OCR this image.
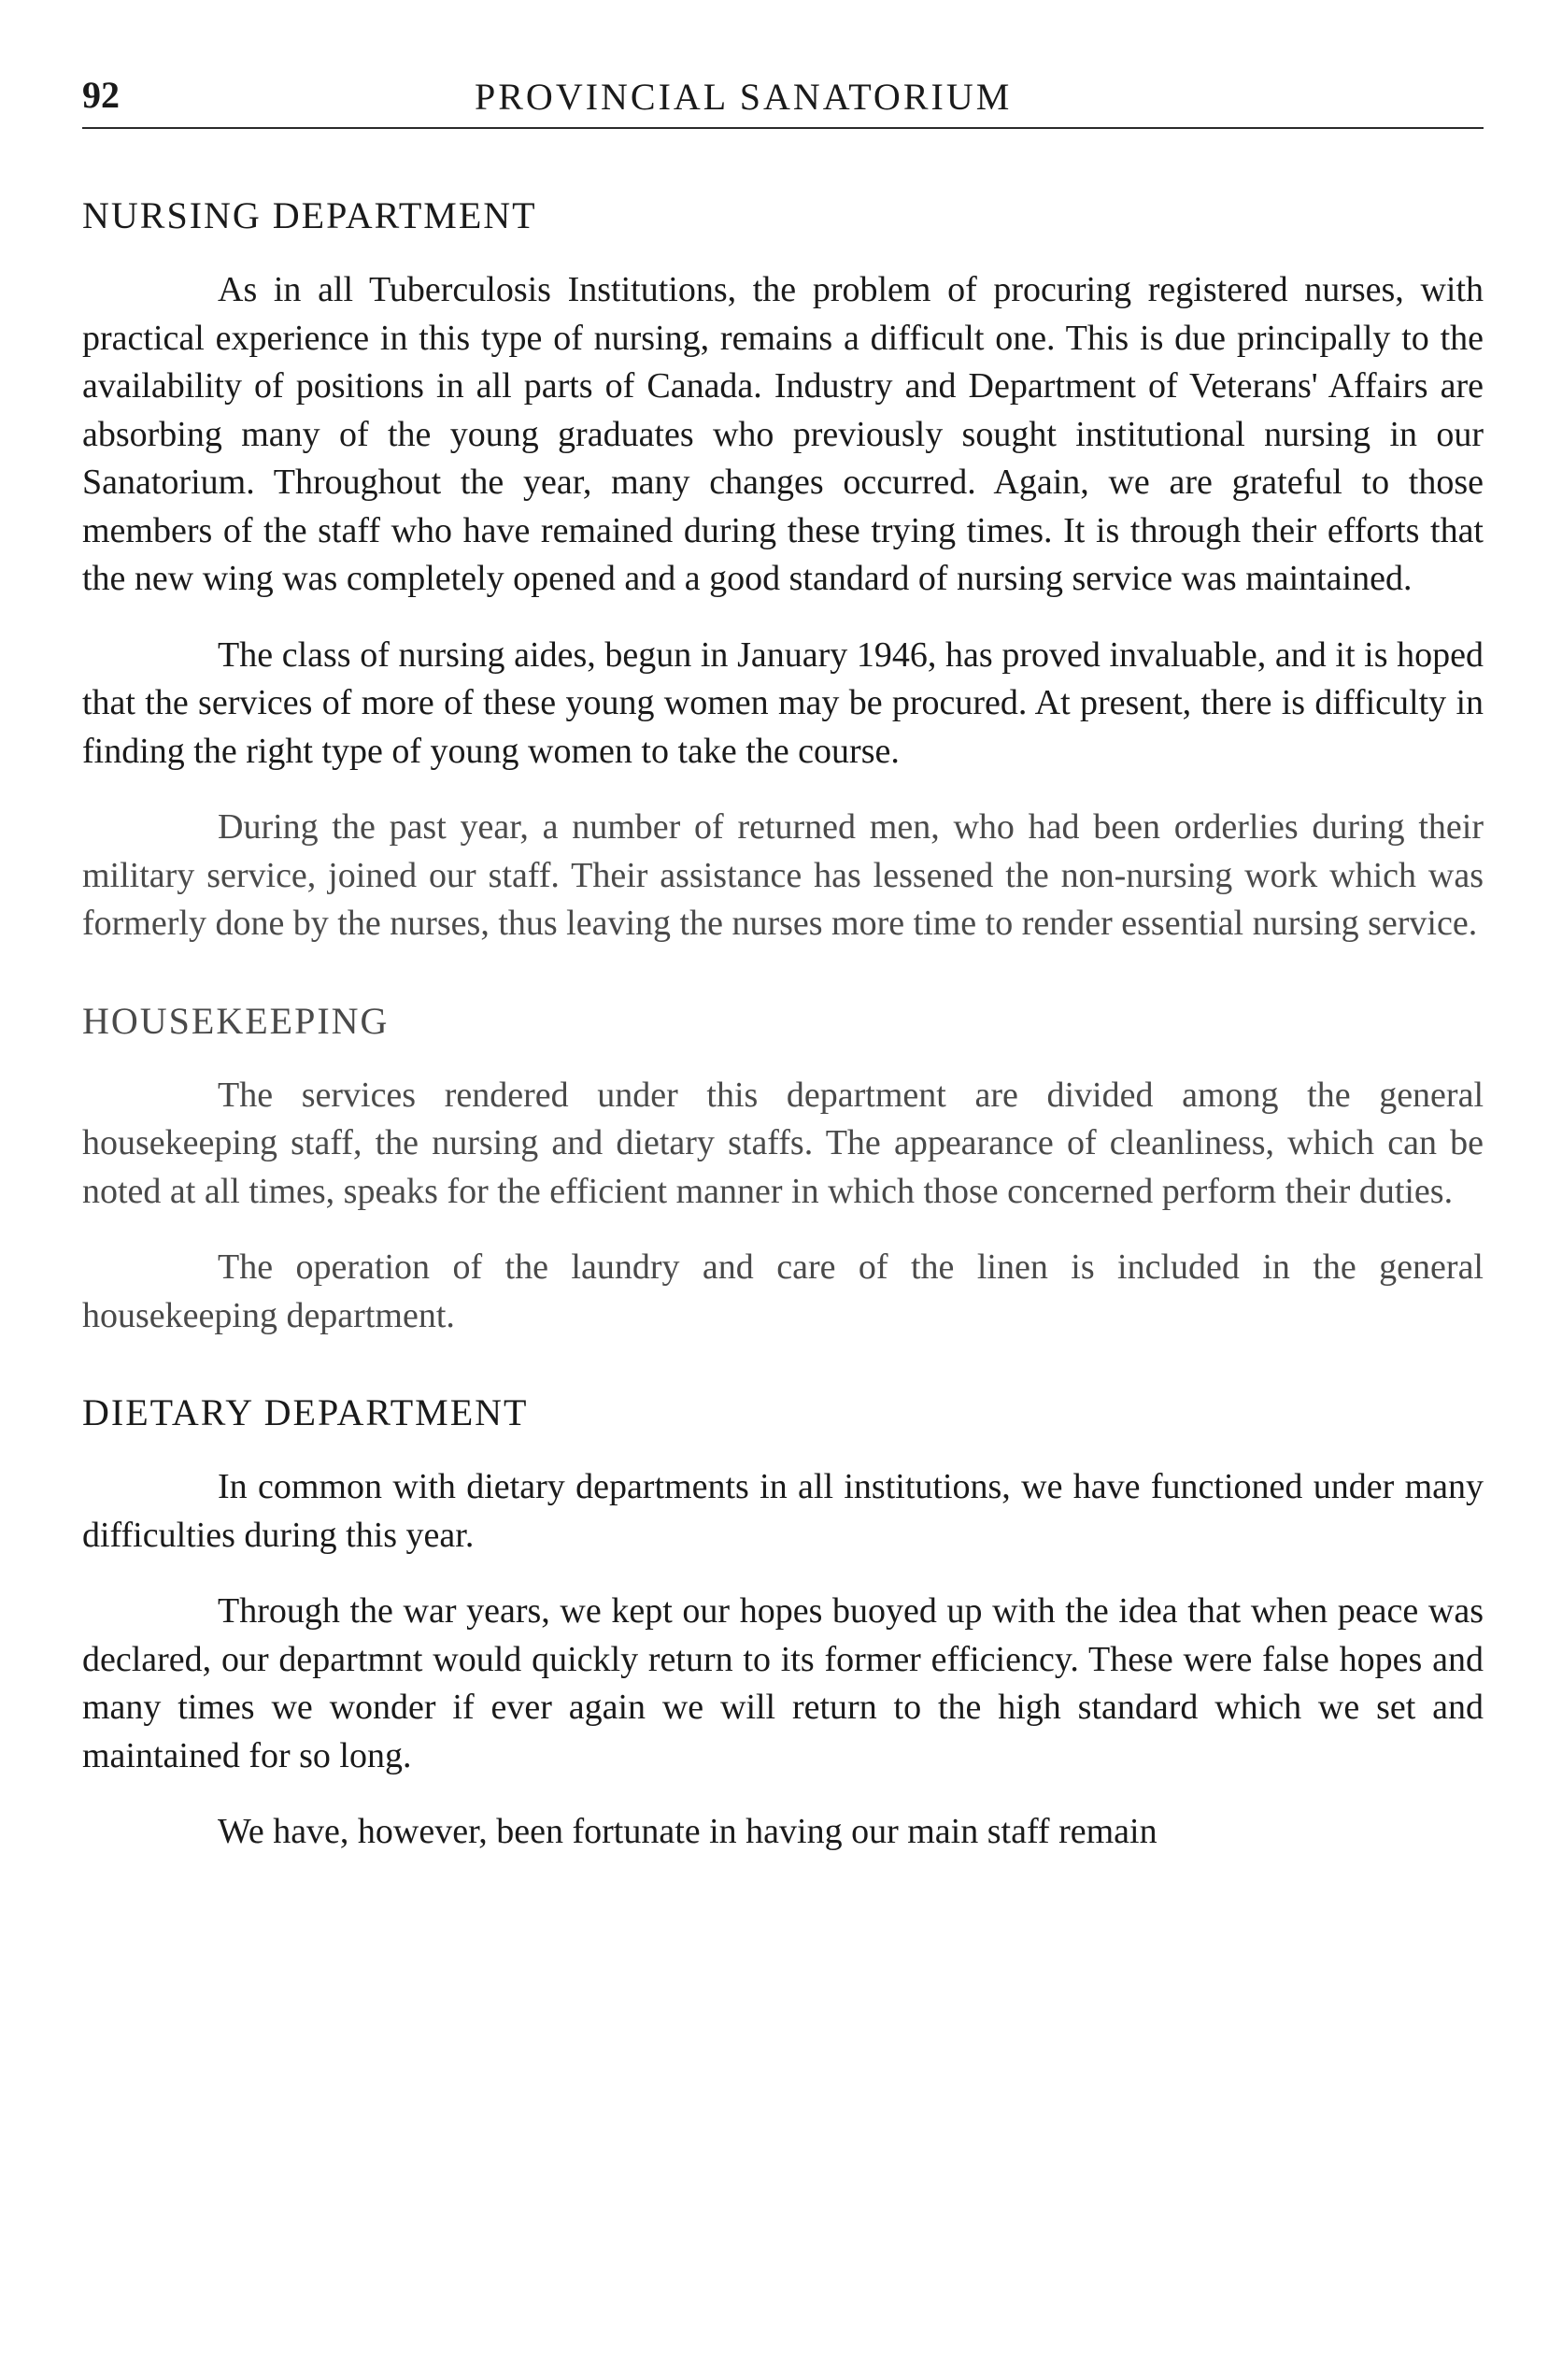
92	PROVINCIAL SANATORIUM
NURSING DEPARTMENT

As in all Tuberculosis Institutions, the problem of procuring registered nurses, with practical experience in this type of nursing, remains a difficult one. This is due principally to the availability of positions in all parts of Canada. Industry and Department of Veterans' Affairs are absorbing many of the young graduates who previously sought institutional nursing in our Sanatorium. Throughout the year, many changes occurred. Again, we are grateful to those members of the staff who have remained during these trying times. It is through their efforts that the new wing was completely opened and a good standard of nursing service was maintained.

The class of nursing aides, begun in January 1946, has proved invaluable, and it is hoped that the services of more of these young women may be procured. At present, there is difficulty in finding the right type of young women to take the course.

During the past year, a number of returned men, who had been orderlies during their military service, joined our staff. Their assistance has lessened the non-nursing work which was formerly done by the nurses, thus leaving the nurses more time to render essential nursing service.

HOUSEKEEPING

The services rendered under this department are divided among the general housekeeping staff, the nursing and dietary staffs. The appearance of cleanliness, which can be noted at all times, speaks for the efficient manner in which those concerned perform their duties.

The operation of the laundry and care of the linen is included in the general housekeeping department.

DIETARY DEPARTMENT

In common with dietary departments in all institutions, we have functioned under many difficulties during this year.

Through the war years, we kept our hopes buoyed up with the idea that when peace was declared, our departmnt would quickly return to its former efficiency. These were false hopes and many times we wonder if ever again we will return to the high standard which we set and maintained for so long.

We have, however, been fortunate in having our main staff remain
